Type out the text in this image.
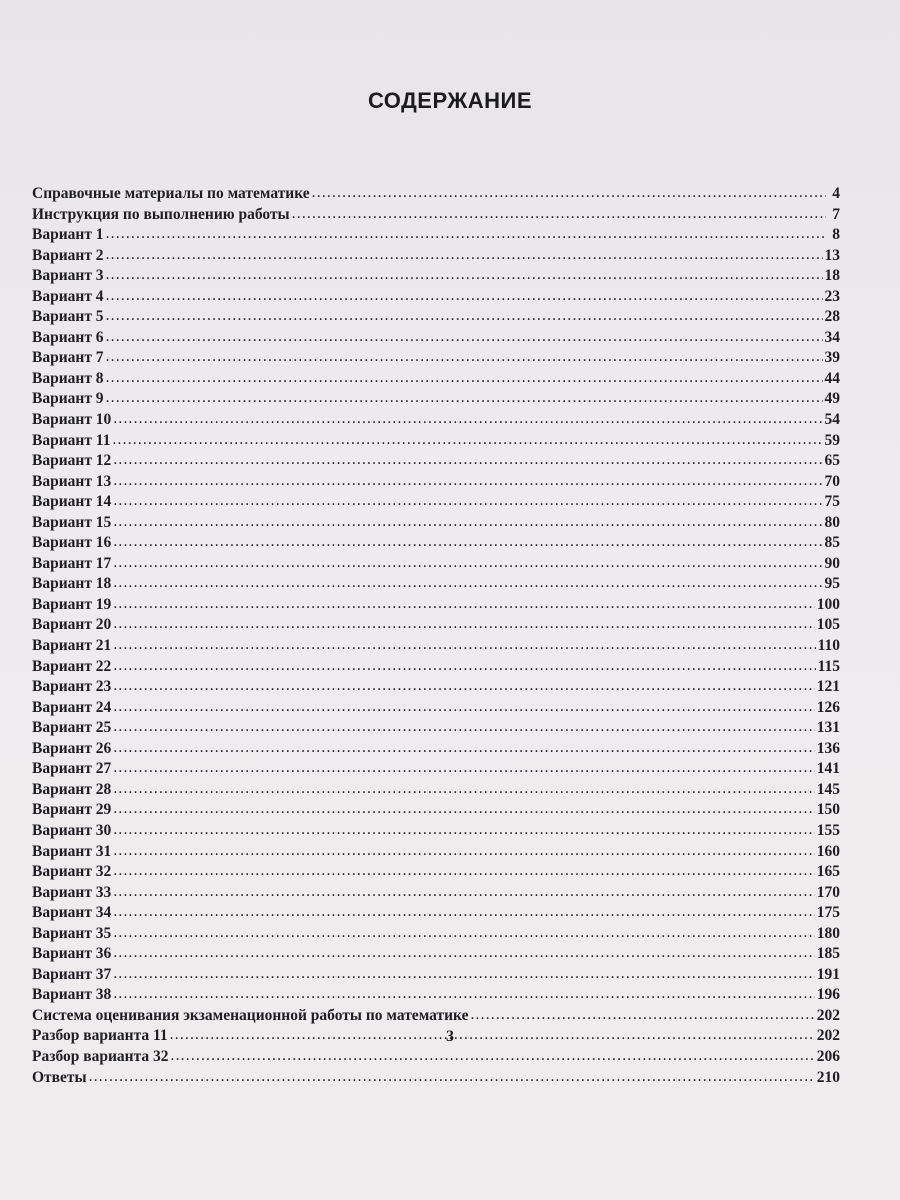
СОДЕРЖАНИЕ
Справочные материалы по математике .....	4
Инструкция по выполнению работы .....	7
Вариант 1 .....	8
Вариант 2 .....	13
Вариант 3 .....	18
Вариант 4 .....	23
Вариант 5 .....	28
Вариант 6 .....	34
Вариант 7 .....	39
Вариант 8 .....	44
Вариант 9 .....	49
Вариант 10 .....	54
Вариант 11 .....	59
Вариант 12 .....	65
Вариант 13 .....	70
Вариант 14 .....	75
Вариант 15 .....	80
Вариант 16 .....	85
Вариант 17 .....	90
Вариант 18 .....	95
Вариант 19 .....	100
Вариант 20 .....	105
Вариант 21 .....	110
Вариант 22 .....	115
Вариант 23 .....	121
Вариант 24 .....	126
Вариант 25 .....	131
Вариант 26 .....	136
Вариант 27 .....	141
Вариант 28 .....	145
Вариант 29 .....	150
Вариант 30 .....	155
Вариант 31 .....	160
Вариант 32 .....	165
Вариант 33 .....	170
Вариант 34 .....	175
Вариант 35 .....	180
Вариант 36 .....	185
Вариант 37 .....	191
Вариант 38 .....	196
Система оценивания экзаменационной работы по математике .....	202
Разбор варианта 11 .....	202
Разбор варианта 32 .....	206
Ответы .....	210
3
